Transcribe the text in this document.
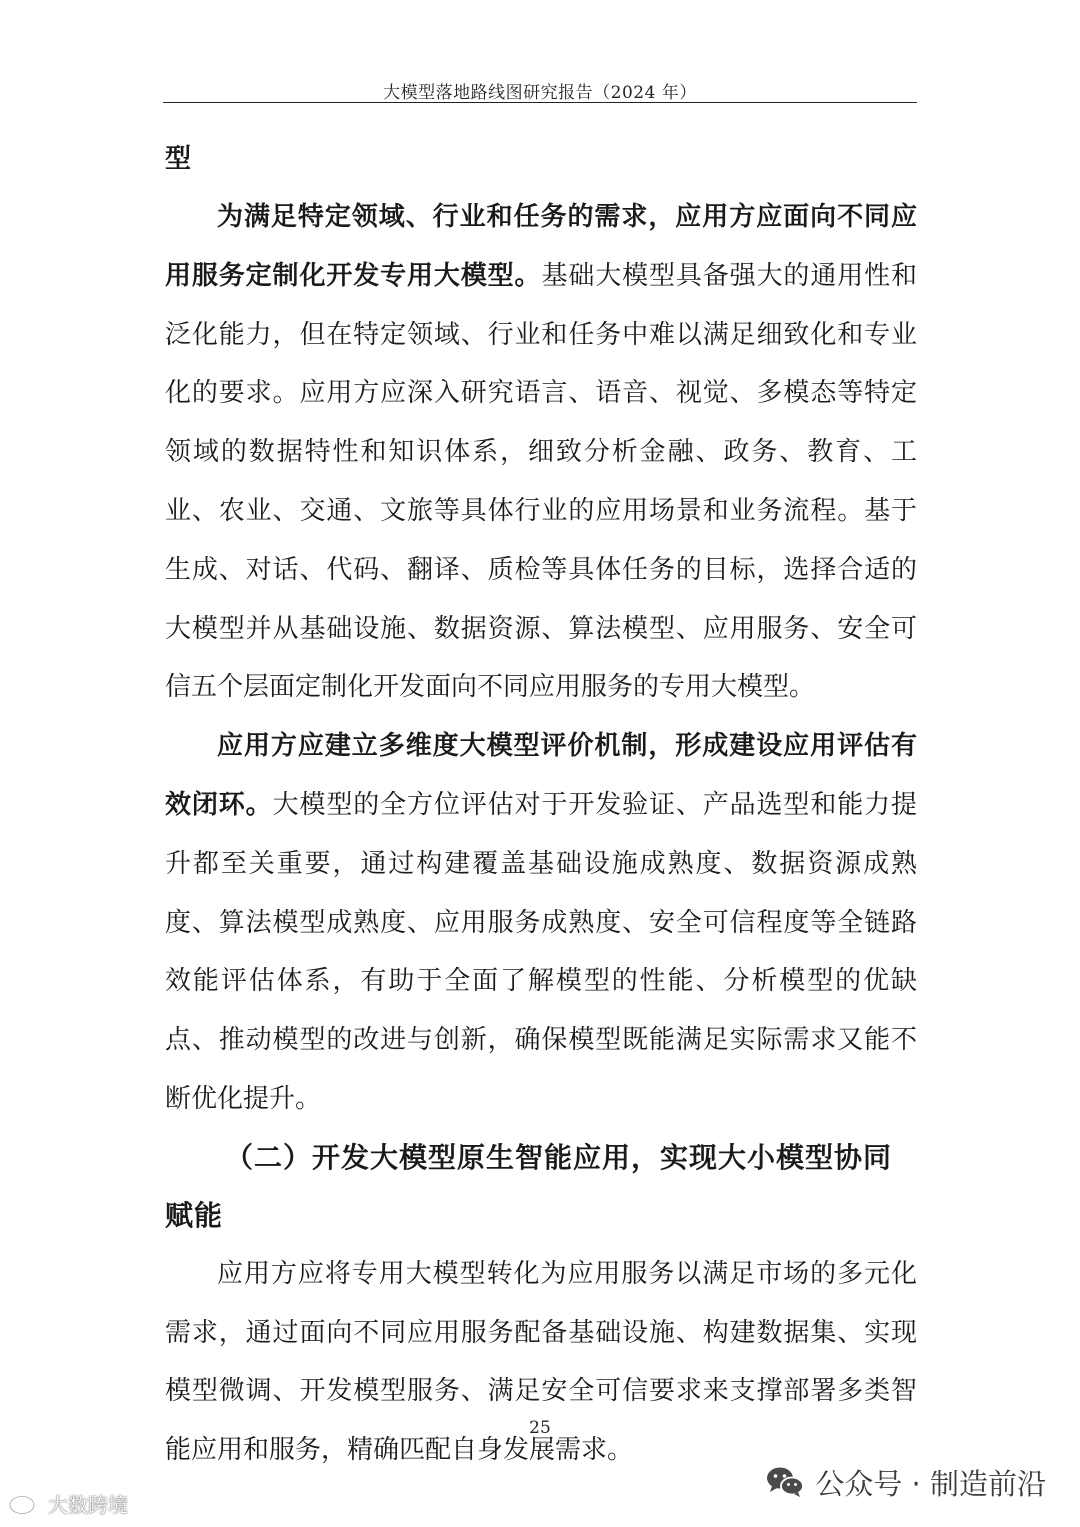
大模型落地路线图研究报告（2024 年）

型

为满足特定领域、行业和任务的需求，应用方应面向不同应用服务定制化开发专用大模型。基础大模型具备强大的通用性和泛化能力，但在特定领域、行业和任务中难以满足细致化和专业化的要求。应用方应深入研究语言、语音、视觉、多模态等特定领域的数据特性和知识体系，细致分析金融、政务、教育、工业、农业、交通、文旅等具体行业的应用场景和业务流程。基于生成、对话、代码、翻译、质检等具体任务的目标，选择合适的大模型并从基础设施、数据资源、算法模型、应用服务、安全可信五个层面定制化开发面向不同应用服务的专用大模型。

应用方应建立多维度大模型评价机制，形成建设应用评估有效闭环。大模型的全方位评估对于开发验证、产品选型和能力提升都至关重要，通过构建覆盖基础设施成熟度、数据资源成熟度、算法模型成熟度、应用服务成熟度、安全可信程度等全链路效能评估体系，有助于全面了解模型的性能、分析模型的优缺点、推动模型的改进与创新，确保模型既能满足实际需求又能不断优化提升。

（二）开发大模型原生智能应用，实现大小模型协同赋能

应用方应将专用大模型转化为应用服务以满足市场的多元化需求，通过面向不同应用服务配备基础设施、构建数据集、实现模型微调、开发模型服务、满足安全可信要求来支撑部署多类智能应用和服务，精确匹配自身发展需求。

25
大数跨境
公众号 · 制造前沿
